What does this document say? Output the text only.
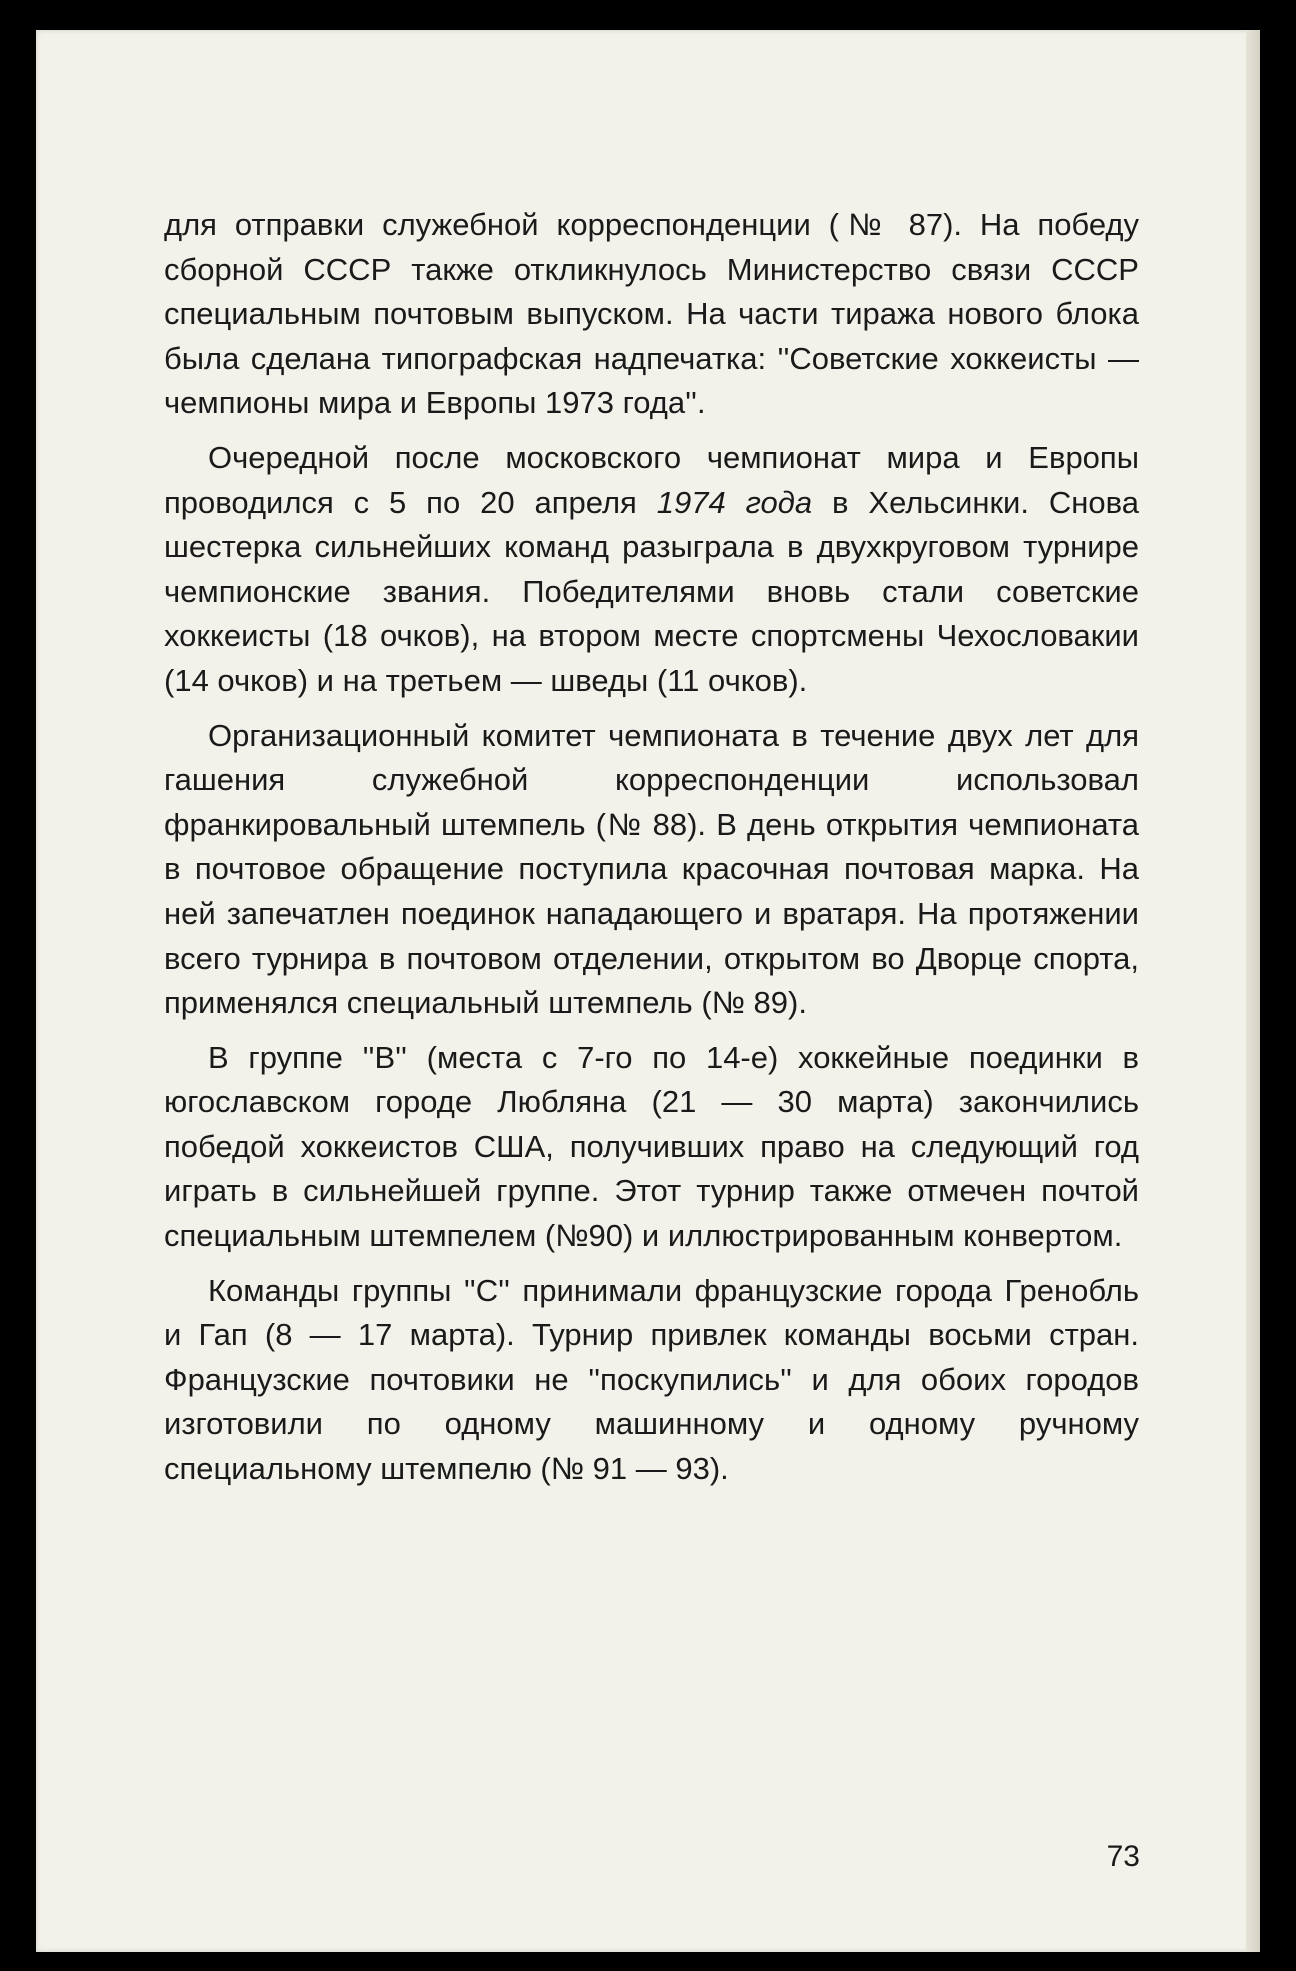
для отправки служебной корреспонденции (№ 87). На победу сборной СССР также откликнулось Министерство связи СССР специальным почтовым выпуском. На части тиража нового блока была сделана типографская надпечатка: ''Советские хоккеисты — чемпионы мира и Европы 1973 года''.

Очередной после московского чемпионат мира и Европы проводился с 5 по 20 апреля 1974 года в Хельсинки. Снова шестерка сильнейших команд разыграла в двухкруговом турнире чемпионские звания. Победителями вновь стали советские хоккеисты (18 очков), на втором месте спортсмены Чехословакии (14 очков) и на третьем — шведы (11 очков).

Организационный комитет чемпионата в течение двух лет для гашения служебной корреспонденции использовал франкировальный штемпель (№ 88). В день открытия чемпионата в почтовое обращение поступила красочная почтовая марка. На ней запечатлен поединок нападающего и вратаря. На протяжении всего турнира в почтовом отделении, открытом во Дворце спорта, применялся специальный штемпель (№ 89).

В группе ''В'' (места с 7-го по 14-е) хоккейные поединки в югославском городе Любляна (21 — 30 марта) закончились победой хоккеистов США, получивших право на следующий год играть в сильнейшей группе. Этот турнир также отмечен почтой специальным штемпелем (№90) и иллюстрированным конвертом.

Команды группы ''С'' принимали французские города Гренобль и Гап (8 — 17 марта). Турнир привлек команды восьми стран. Французские почтовики не ''поскупились'' и для обоих городов изготовили по одному машинному и одному ручному специальному штемпелю (№ 91 — 93).

73
